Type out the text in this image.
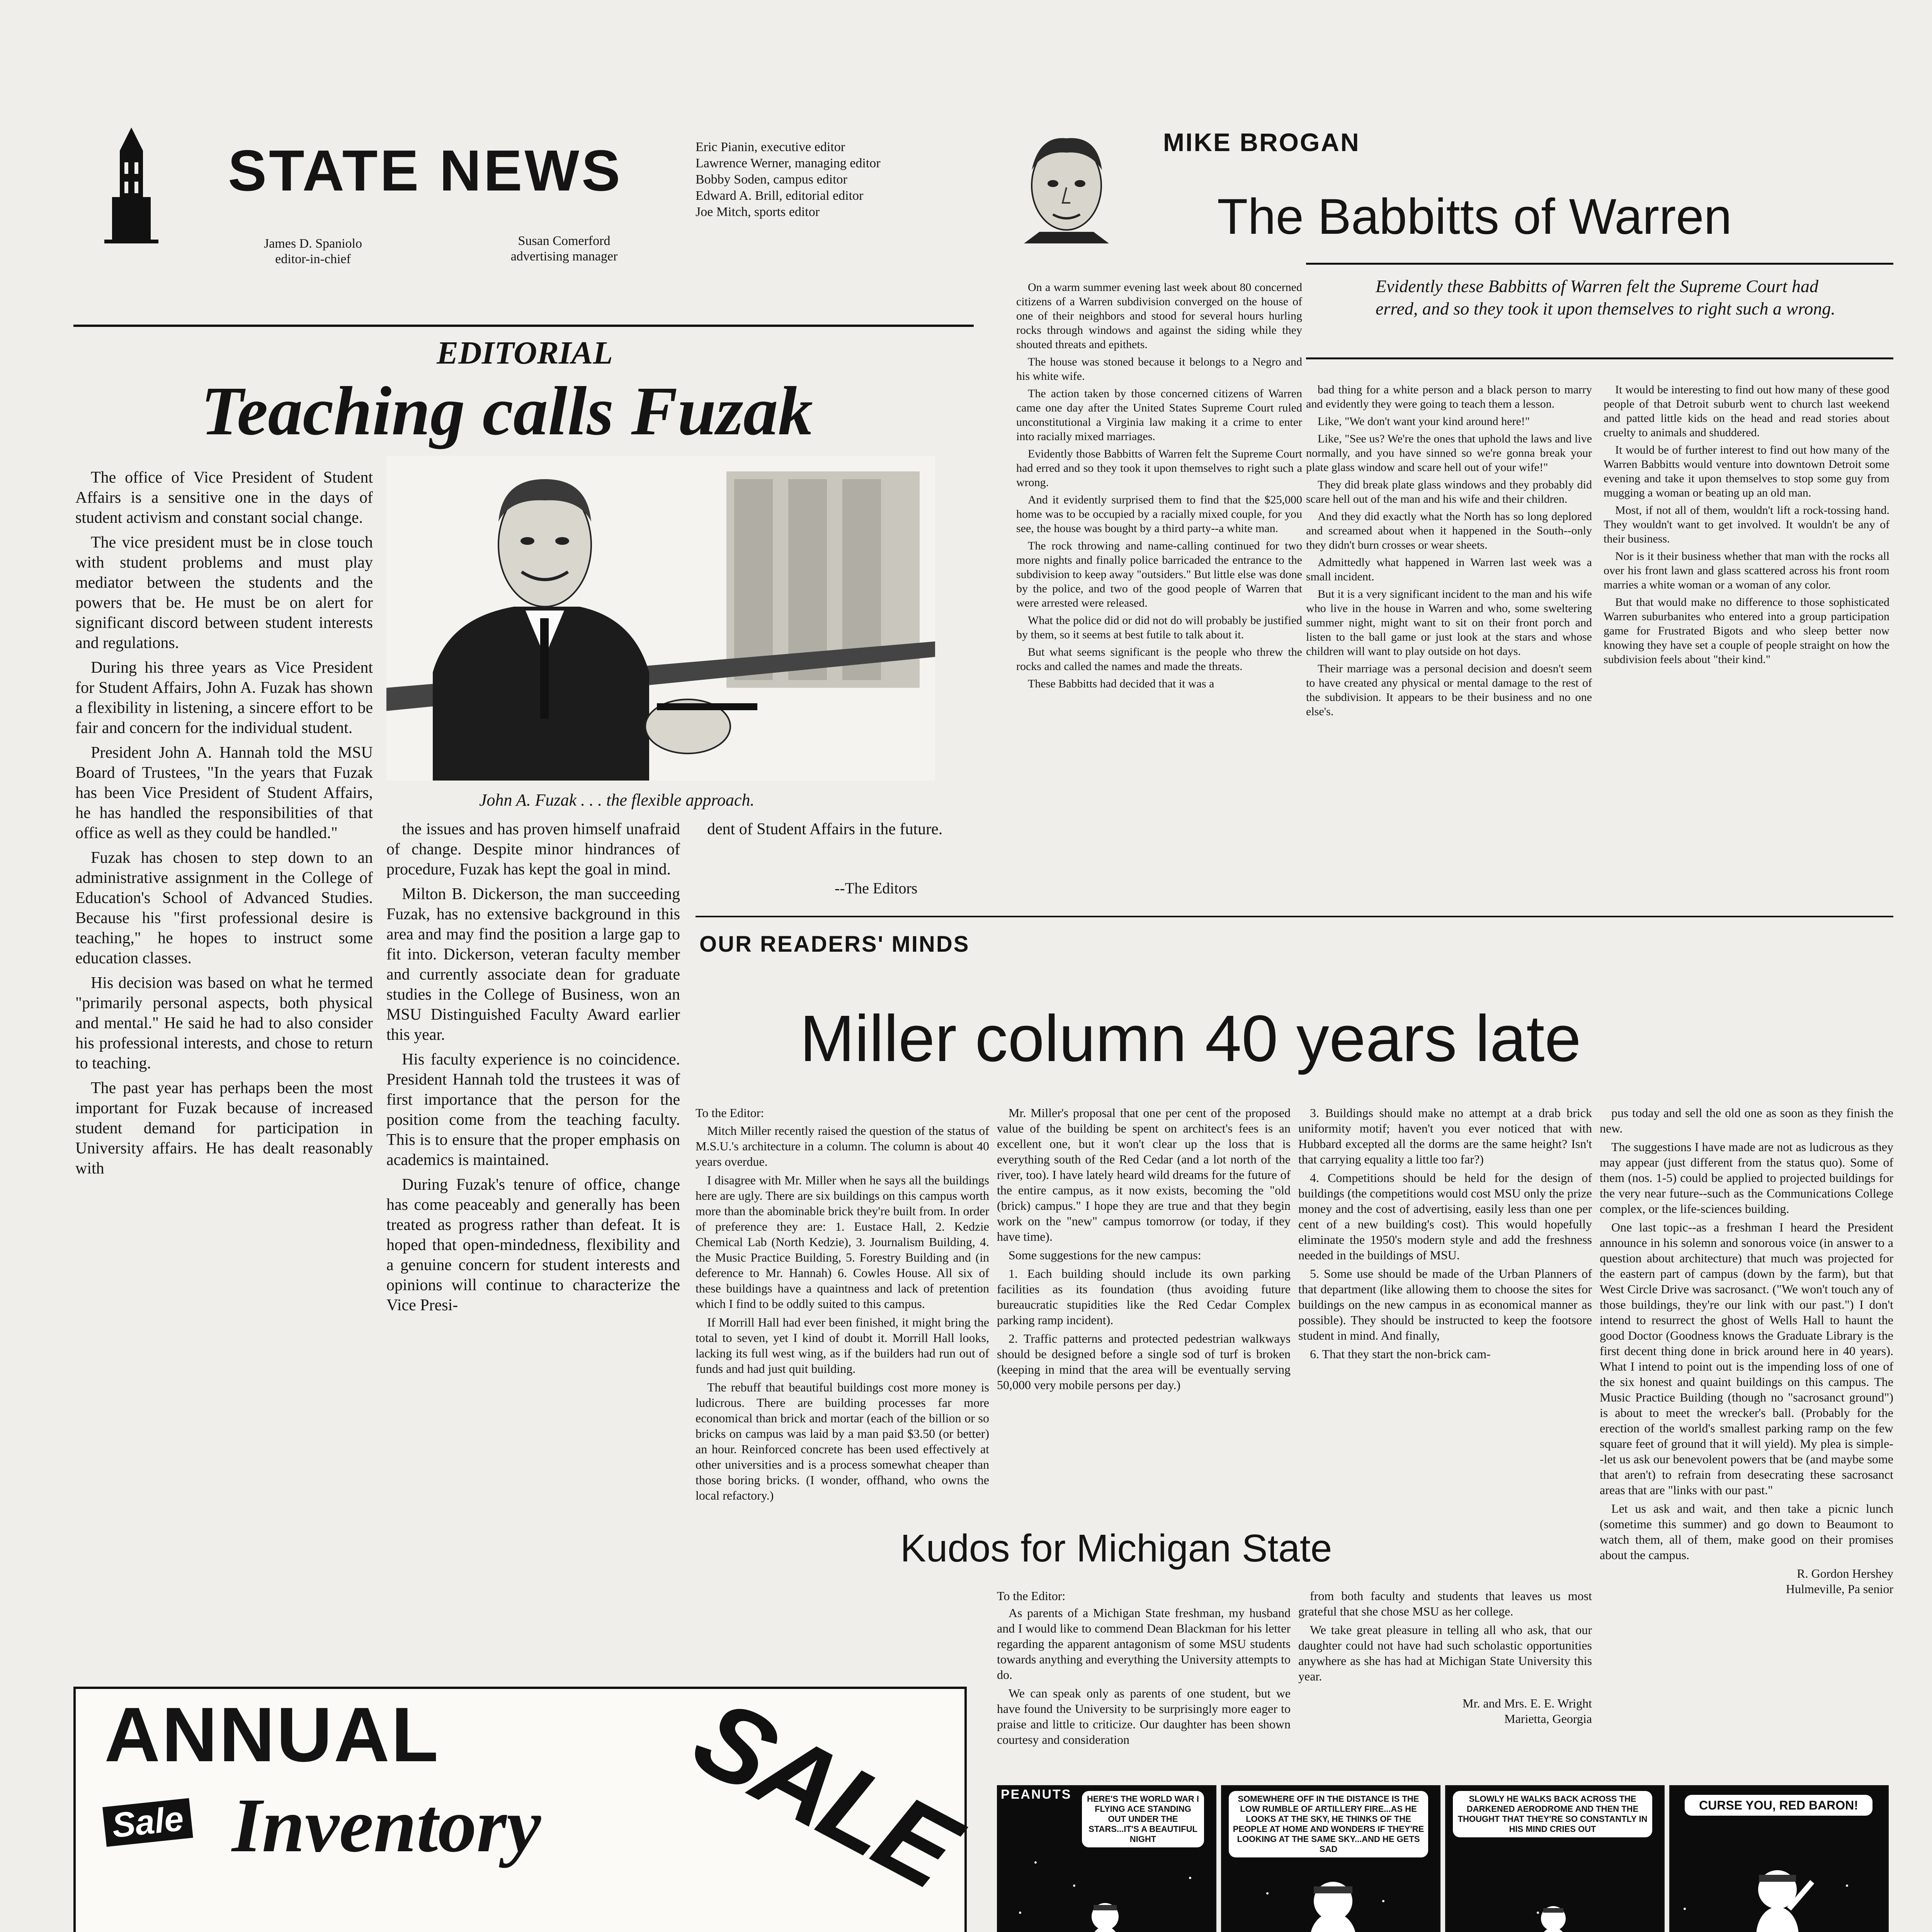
STATE NEWS
James D. Spaniolo
editor-in-chief
Susan Comerford
advertising manager
Eric Pianin, executive editor
Lawrence Werner, managing editor
Bobby Soden, campus editor
Edward A. Brill, editorial editor
Joe Mitch, sports editor
MIKE BROGAN
The Babbitts of Warren
Evidently these Babbitts of Warren felt the Supreme Court had erred, and so they took it upon themselves to right such a wrong.

On a warm summer evening last week about 80 concerned citizens of a Warren subdivision converged on the house of one of their neighbors and stood for several hours hurling rocks through windows and against the siding while they shouted threats and epithets.

The house was stoned because it belongs to a Negro and his white wife.

The action taken by those concerned citizens of Warren came one day after the United States Supreme Court ruled unconstitutional a Virginia law making it a crime to enter into racially mixed marriages.

Evidently those Babbitts of Warren felt the Supreme Court had erred and so they took it upon themselves to right such a wrong.

And it evidently surprised them to find that the $25,000 home was to be occupied by a racially mixed couple, for you see, the house was bought by a third party--a white man.

The rock throwing and name-calling continued for two more nights and finally police barricaded the entrance to the subdivision to keep away "outsiders." But little else was done by the police, and two of the good people of Warren that were arrested were released.

What the police did or did not do will probably be justified by them, so it seems at best futile to talk about it.

But what seems significant is the people who threw the rocks and called the names and made the threats.

These Babbitts had decided that it was a

bad thing for a white person and a black person to marry and evidently they were going to teach them a lesson.

Like, "We don't want your kind around here!"

Like, "See us? We're the ones that uphold the laws and live normally, and you have sinned so we're gonna break your plate glass window and scare hell out of your wife!"

They did break plate glass windows and they probably did scare hell out of the man and his wife and their children.

And they did exactly what the North has so long deplored and screamed about when it happened in the South--only they didn't burn crosses or wear sheets.

Admittedly what happened in Warren last week was a small incident.

But it is a very significant incident to the man and his wife who live in the house in Warren and who, some sweltering summer night, might want to sit on their front porch and listen to the ball game or just look at the stars and whose children will want to play outside on hot days.

Their marriage was a personal decision and doesn't seem to have created any physical or mental damage to the rest of the subdivision. It appears to be their business and no one else's.

It would be interesting to find out how many of these good people of that Detroit suburb went to church last weekend and patted little kids on the head and read stories about cruelty to animals and shuddered.

It would be of further interest to find out how many of the Warren Babbitts would venture into downtown Detroit some evening and take it upon themselves to stop some guy from mugging a woman or beating up an old man.

Most, if not all of them, wouldn't lift a rock-tossing hand. They wouldn't want to get involved. It wouldn't be any of their business.

Nor is it their business whether that man with the rocks all over his front lawn and glass scattered across his front room marries a white woman or a woman of any color.

But that would make no difference to those sophisticated Warren suburbanites who entered into a group participation game for Frustrated Bigots and who sleep better now knowing they have set a couple of people straight on how the subdivision feels about "their kind."

EDITORIAL
Teaching calls Fuzak
John A. Fuzak . . . the flexible approach.

The office of Vice President of Student Affairs is a sensitive one in the days of student activism and constant social change.

The vice president must be in close touch with student problems and must play mediator between the students and the powers that be. He must be on alert for significant discord between student interests and regulations.

During his three years as Vice President for Student Affairs, John A. Fuzak has shown a flexibility in listening, a sincere effort to be fair and concern for the individual student.

President John A. Hannah told the MSU Board of Trustees, "In the years that Fuzak has been Vice President of Student Affairs, he has handled the responsibilities of that office as well as they could be handled."

Fuzak has chosen to step down to an administrative assignment in the College of Education's School of Advanced Studies. Because his "first professional desire is teaching," he hopes to instruct some education classes.

His decision was based on what he termed "primarily personal aspects, both physical and mental." He said he had to also consider his professional interests, and chose to return to teaching.

The past year has perhaps been the most important for Fuzak because of increased student demand for participation in University affairs. He has dealt reasonably with

the issues and has proven himself unafraid of change. Despite minor hindrances of procedure, Fuzak has kept the goal in mind.

Milton B. Dickerson, the man succeeding Fuzak, has no extensive background in this area and may find the position a large gap to fit into. Dickerson, veteran faculty member and currently associate dean for graduate studies in the College of Business, won an MSU Distinguished Faculty Award earlier this year.

His faculty experience is no coincidence. President Hannah told the trustees it was of first importance that the person for the position come from the teaching faculty. This is to ensure that the proper emphasis on academics is maintained.

During Fuzak's tenure of office, change has come peaceably and generally has been treated as progress rather than defeat. It is hoped that open-mindedness, flexibility and a genuine concern for student interests and opinions will continue to characterize the Vice Presi-

dent of Student Affairs in the future.

--The Editors
OUR READERS' MINDS
Miller column 40 years late
To the Editor:

Mitch Miller recently raised the question of the status of M.S.U.'s architecture in a column. The column is about 40 years overdue.

I disagree with Mr. Miller when he says all the buildings here are ugly. There are six buildings on this campus worth more than the abominable brick they're built from. In order of preference they are: 1. Eustace Hall, 2. Kedzie Chemical Lab (North Kedzie), 3. Journalism Building, 4. the Music Practice Building, 5. Forestry Building and (in deference to Mr. Hannah) 6. Cowles House. All six of these buildings have a quaintness and lack of pretention which I find to be oddly suited to this campus.

If Morrill Hall had ever been finished, it might bring the total to seven, yet I kind of doubt it. Morrill Hall looks, lacking its full west wing, as if the builders had run out of funds and had just quit building.

The rebuff that beautiful buildings cost more money is ludicrous. There are building processes far more economical than brick and mortar (each of the billion or so bricks on campus was laid by a man paid $3.50 (or better) an hour. Reinforced concrete has been used effectively at other universities and is a process somewhat cheaper than those boring bricks. (I wonder, offhand, who owns the local refactory.)

Mr. Miller's proposal that one per cent of the proposed value of the building be spent on architect's fees is an excellent one, but it won't clear up the loss that is everything south of the Red Cedar (and a lot north of the river, too). I have lately heard wild dreams for the future of the entire campus, as it now exists, becoming the "old (brick) campus." I hope they are true and that they begin work on the "new" campus tomorrow (or today, if they have time).

Some suggestions for the new campus:

1. Each building should include its own parking facilities as its foundation (thus avoiding future bureaucratic stupidities like the Red Cedar Complex parking ramp incident).

2. Traffic patterns and protected pedestrian walkways should be designed before a single sod of turf is broken (keeping in mind that the area will be eventually serving 50,000 very mobile persons per day.)

3. Buildings should make no attempt at a drab brick uniformity motif; haven't you ever noticed that with Hubbard excepted all the dorms are the same height? Isn't that carrying equality a little too far?)

4. Competitions should be held for the design of buildings (the competitions would cost MSU only the prize money and the cost of advertising, easily less than one per cent of a new building's cost). This would hopefully eliminate the 1950's modern style and add the freshness needed in the buildings of MSU.

5. Some use should be made of the Urban Planners of that department (like allowing them to choose the sites for buildings on the new campus in as economical manner as possible). They should be instructed to keep the footsore student in mind. And finally,

6. That they start the non-brick cam-

pus today and sell the old one as soon as they finish the new.

The suggestions I have made are not as ludicrous as they may appear (just different from the status quo). Some of them (nos. 1-5) could be applied to projected buildings for the very near future--such as the Communications College complex, or the life-sciences building.

One last topic--as a freshman I heard the President announce in his solemn and sonorous voice (in answer to a question about architecture) that much was projected for the eastern part of campus (down by the farm), but that West Circle Drive was sacrosanct. ("We won't touch any of those buildings, they're our link with our past.") I don't intend to resurrect the ghost of Wells Hall to haunt the good Doctor (Goodness knows the Graduate Library is the first decent thing done in brick around here in 40 years). What I intend to point out is the impending loss of one of the six honest and quaint buildings on this campus. The Music Practice Building (though no "sacrosanct ground") is about to meet the wrecker's ball. (Probably for the erection of the world's smallest parking ramp on the few square feet of ground that it will yield). My plea is simple--let us ask our benevolent powers that be (and maybe some that aren't) to refrain from desecrating these sacrosanct areas that are "links with our past."

Let us ask and wait, and then take a picnic lunch (sometime this summer) and go down to Beaumont to watch them, all of them, make good on their promises about the campus.

R. Gordon Hershey
Hulmeville, Pa senior
Kudos for Michigan State
To the Editor:

As parents of a Michigan State freshman, my husband and I would like to commend Dean Blackman for his letter regarding the apparent antagonism of some MSU students towards anything and everything the University attempts to do.

We can speak only as parents of one student, but we have found the University to be surprisingly more eager to praise and little to criticize. Our daughter has been shown courtesy and consideration

from both faculty and students that leaves us most grateful that she chose MSU as her college.

We take great pleasure in telling all who ask, that our daughter could not have had such scholastic opportunities anywhere as she has had at Michigan State University this year.

Mr. and Mrs. E. E. Wright
Marietta, Georgia
PEANUTS	HERE'S THE WORLD WAR I FLYING ACE STANDING OUT UNDER THE STARS...IT'S A BEAUTIFUL NIGHT
SOMEWHERE OFF IN THE DISTANCE IS THE LOW RUMBLE OF ARTILLERY FIRE...AS HE LOOKS AT THE SKY, HE THINKS OF THE PEOPLE AT HOME AND WONDERS IF THEY'RE LOOKING AT THE SAME SKY...AND HE GETS SAD
SLOWLY HE WALKS BACK ACROSS THE DARKENED AERODROME AND THEN THE THOUGHT THAT THEY'RE SO CONSTANTLY IN HIS MIND CRIES OUT
CURSE YOU, RED BARON!
ANNUAL
Sale Inventory SALE
